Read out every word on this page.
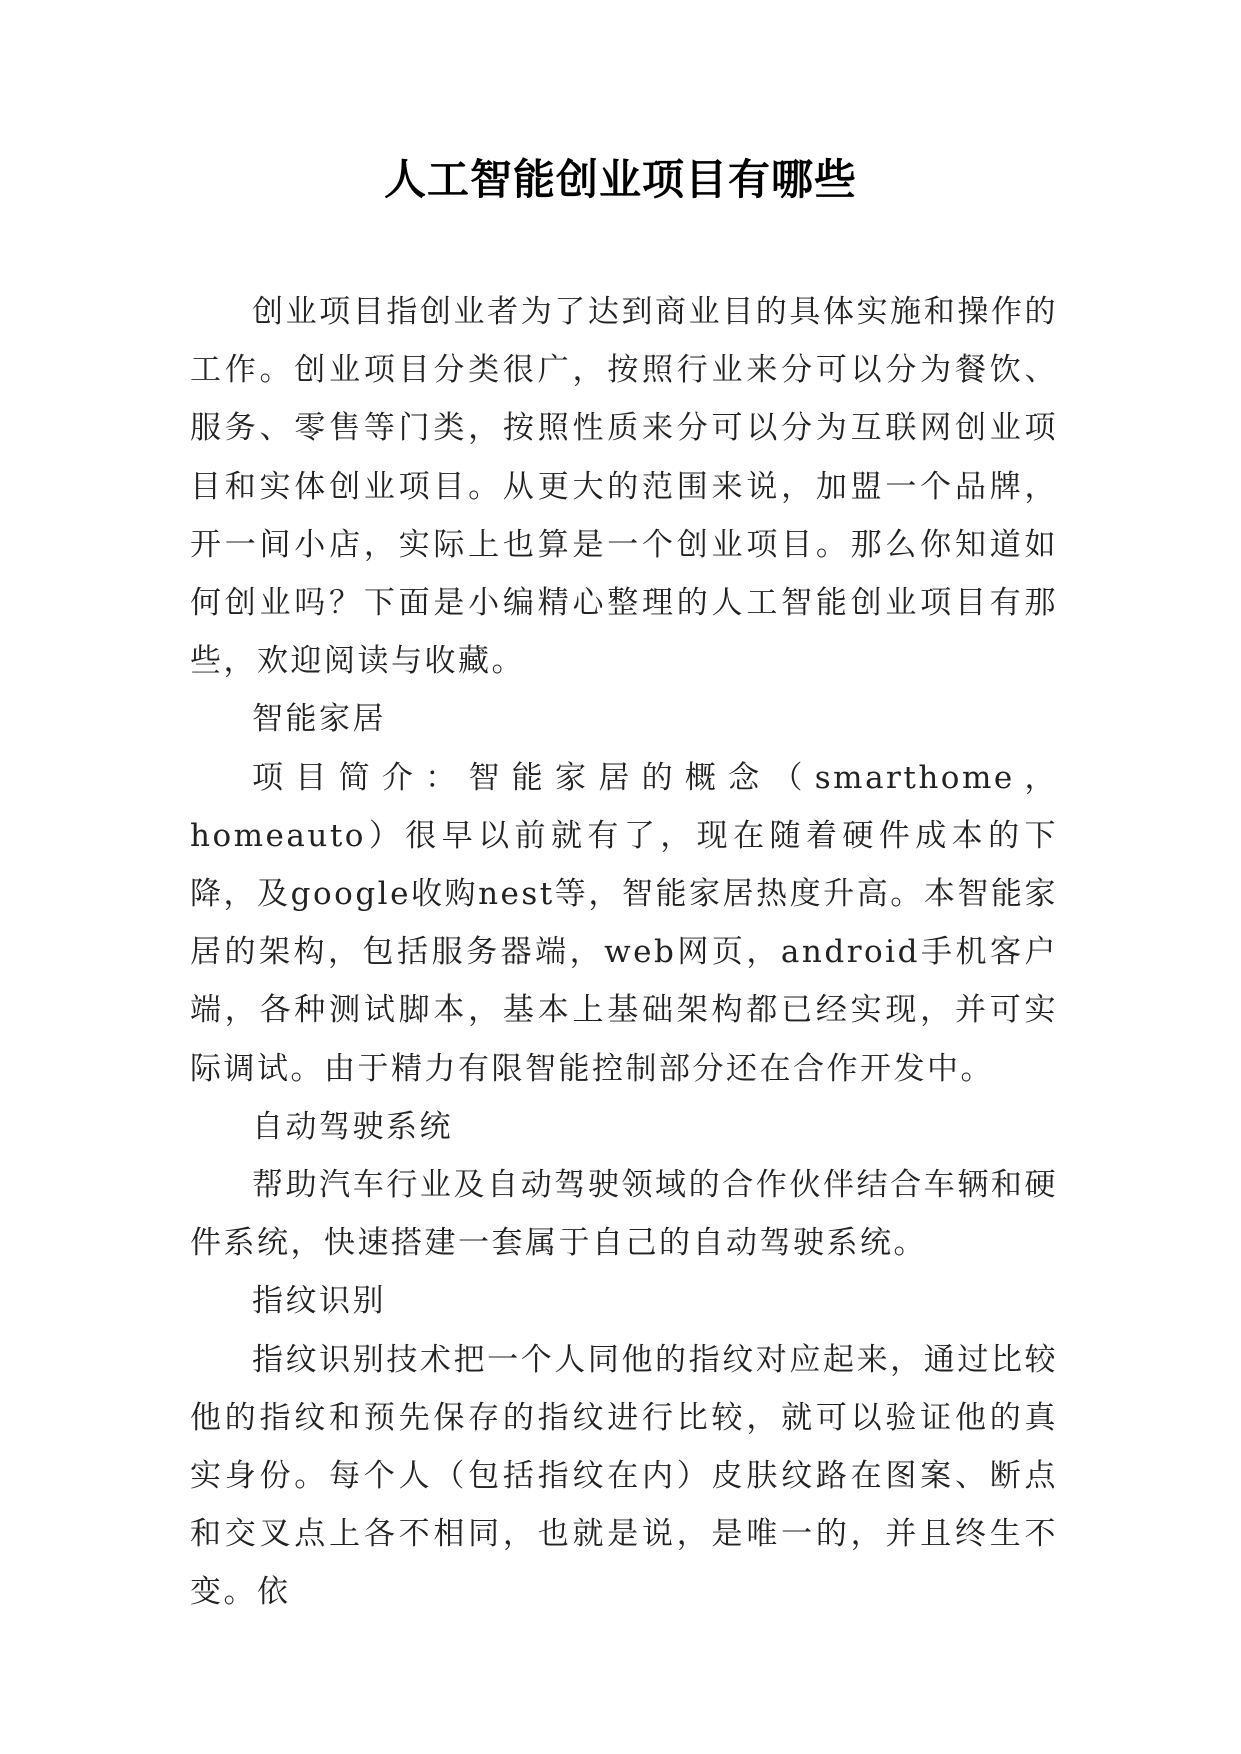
人工智能创业项目有哪些

创业项目指创业者为了达到商业目的具体实施和操作的工作。创业项目分类很广，按照行业来分可以分为餐饮、服务、零售等门类，按照性质来分可以分为互联网创业项目和实体创业项目。从更大的范围来说，加盟一个品牌，开一间小店，实际上也算是一个创业项目。那么你知道如何创业吗？下面是小编精心整理的人工智能创业项目有那些，欢迎阅读与收藏。

智能家居

项目简介：智能家居的概念（smarthome，homeauto）很早以前就有了，现在随着硬件成本的下降，及google收购nest等，智能家居热度升高。本智能家居的架构，包括服务器端，web网页，android手机客户端，各种测试脚本，基本上基础架构都已经实现，并可实际调试。由于精力有限智能控制部分还在合作开发中。

自动驾驶系统

帮助汽车行业及自动驾驶领域的合作伙伴结合车辆和硬件系统，快速搭建一套属于自己的自动驾驶系统。

指纹识别

指纹识别技术把一个人同他的指纹对应起来，通过比较他的指纹和预先保存的指纹进行比较，就可以验证他的真实身份。每个人（包括指纹在内）皮肤纹路在图案、断点和交叉点上各不相同，也就是说，是唯一的，并且终生不变。依
